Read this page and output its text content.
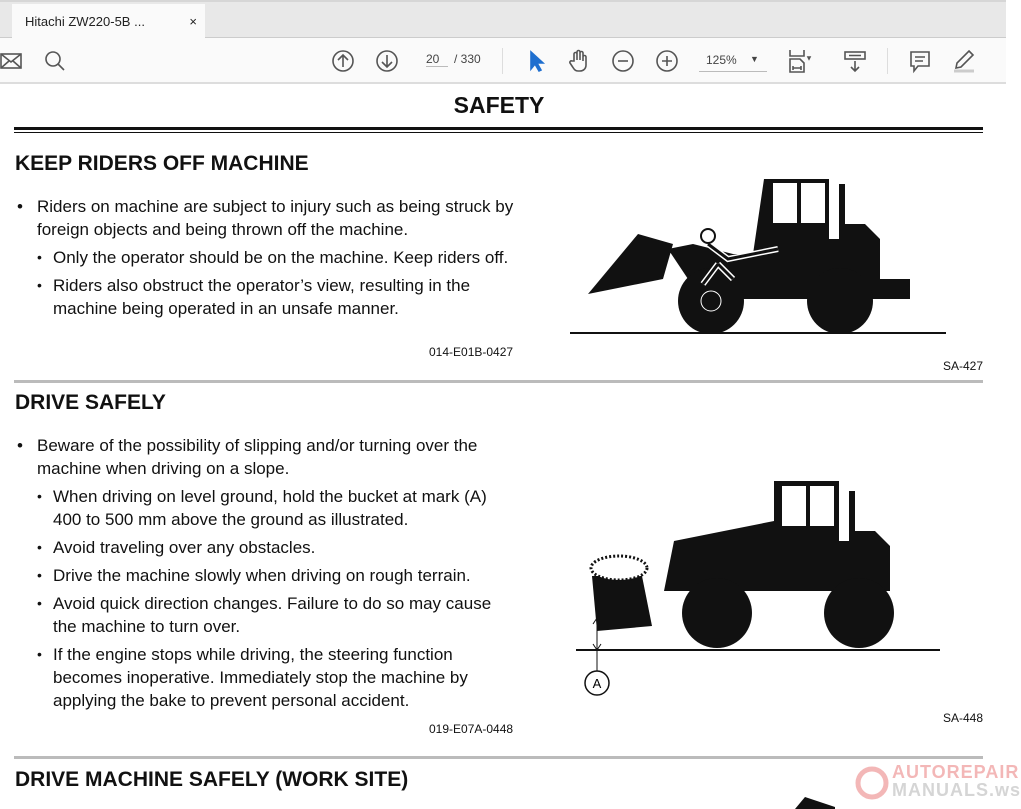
Hitachi ZW220-5B ...	×
20	/ 330	125% ▼
SAFETY
KEEP RIDERS OFF MACHINE

• Riders on machine are subject to injury such as being struck by foreign objects and being thrown off the machine.

• Only the operator should be on the machine. Keep riders off.

• Riders also obstruct the operator’s view, resulting in the machine being operated in an unsafe manner.

014-E01B-0427
SA-427
DRIVE SAFELY

• Beware of the possibility of slipping and/or turning over the machine when driving on a slope.

• When driving on level ground, hold the bucket at mark (A) 400 to 500 mm above the ground as illustrated.

• Avoid traveling over any obstacles.

• Drive the machine slowly when driving on rough terrain.

• Avoid quick direction changes. Failure to do so may cause the machine to turn over.

• If the engine stops while driving, the steering function becomes inoperative. Immediately stop the machine by applying the bake to prevent personal accident.

019-E07A-0448
SA-448
A
DRIVE MACHINE SAFELY (WORK SITE)	AUTOREPAIR
MANUALS.ws
